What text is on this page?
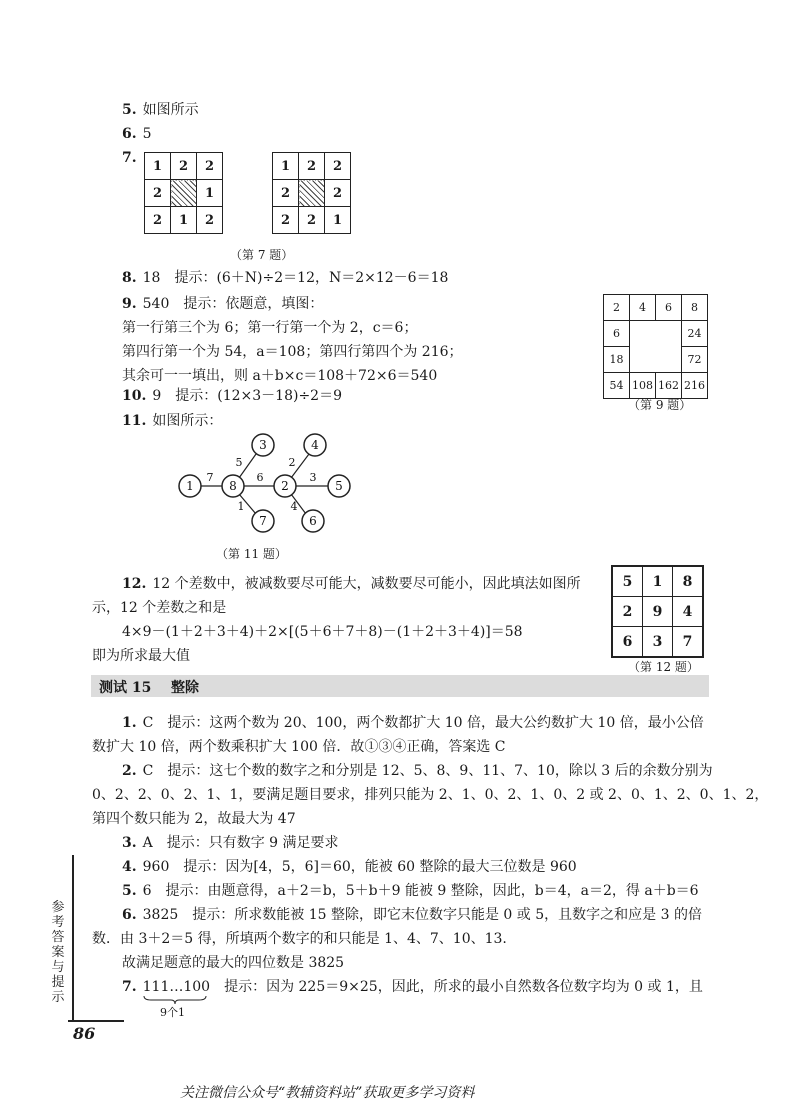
5. 如图所示
6. 5
7.	1	2	2
2		1
2	1	2
1	2	2
2		2
2	2	1
（第 7 题）
8. 18　提示：(6＋N)÷2＝12，N＝2×12－6＝18
9. 540　提示：依题意，填图：
第一行第三个为 6；第一行第一个为 2，c＝6；
第四行第一个为 54，a＝108；第四行第四个为 216；
其余可一一填出，则 a＋b×c＝108＋72×6＝540
2	4	6	8
6			24
18			72
54	108	162	216
（第 9 题）
10. 9　提示：(12×3－18)÷2＝9
11. 如图所示：
1	8	2
3
7
4
5
6
7	6
5
1
2
3
4
（第 11 题）
12. 12 个差数中，被减数要尽可能大，减数要尽可能小，因此填法如图所
示，12 个差数之和是
4×9－(1＋2＋3＋4)＋2×[(5＋6＋7＋8)－(1＋2＋3＋4)]＝58
即为所求最大值
5	1	8
2	9	4
6	3	7
（第 12 题）
测试 15 整除
1. C　提示：这两个数为 20、100，两个数都扩大 10 倍，最大公约数扩大 10 倍，最小公倍
数扩大 10 倍，两个数乘积扩大 100 倍．故①③④正确，答案选 C
2. C　提示：这七个数的数字之和分别是 12、5、8、9、11、7、10，除以 3 后的余数分别为
0、2、2、0、2、1、1，要满足题目要求，排列只能为 2、1、0、2、1、0、2 或 2、0、1、2、0、1、2，
第四个数只能为 2，故最大为 47
3. A　提示：只有数字 9 满足要求
4. 960　提示：因为[4，5，6]＝60，能被 60 整除的最大三位数是 960
5. 6　提示：由题意得，a＋2＝b，5＋b＋9 能被 9 整除，因此，b＝4，a＝2，得 a＋b＝6
6. 3825　提示：所求数能被 15 整除，即它末位数字只能是 0 或 5，且数字之和应是 3 的倍
数．由 3＋2＝5 得，所填两个数字的和只能是 1、4、7、10、13.
故满足题意的最大的四位数是 3825
7. 111…100　 提示：因为 225＝9×25，因此，所求的最小自然数各位数字均为 0 或 1，且
9个1
参考答案与提示
86
关注微信公众号“教辅资料站”获取更多学习资料
